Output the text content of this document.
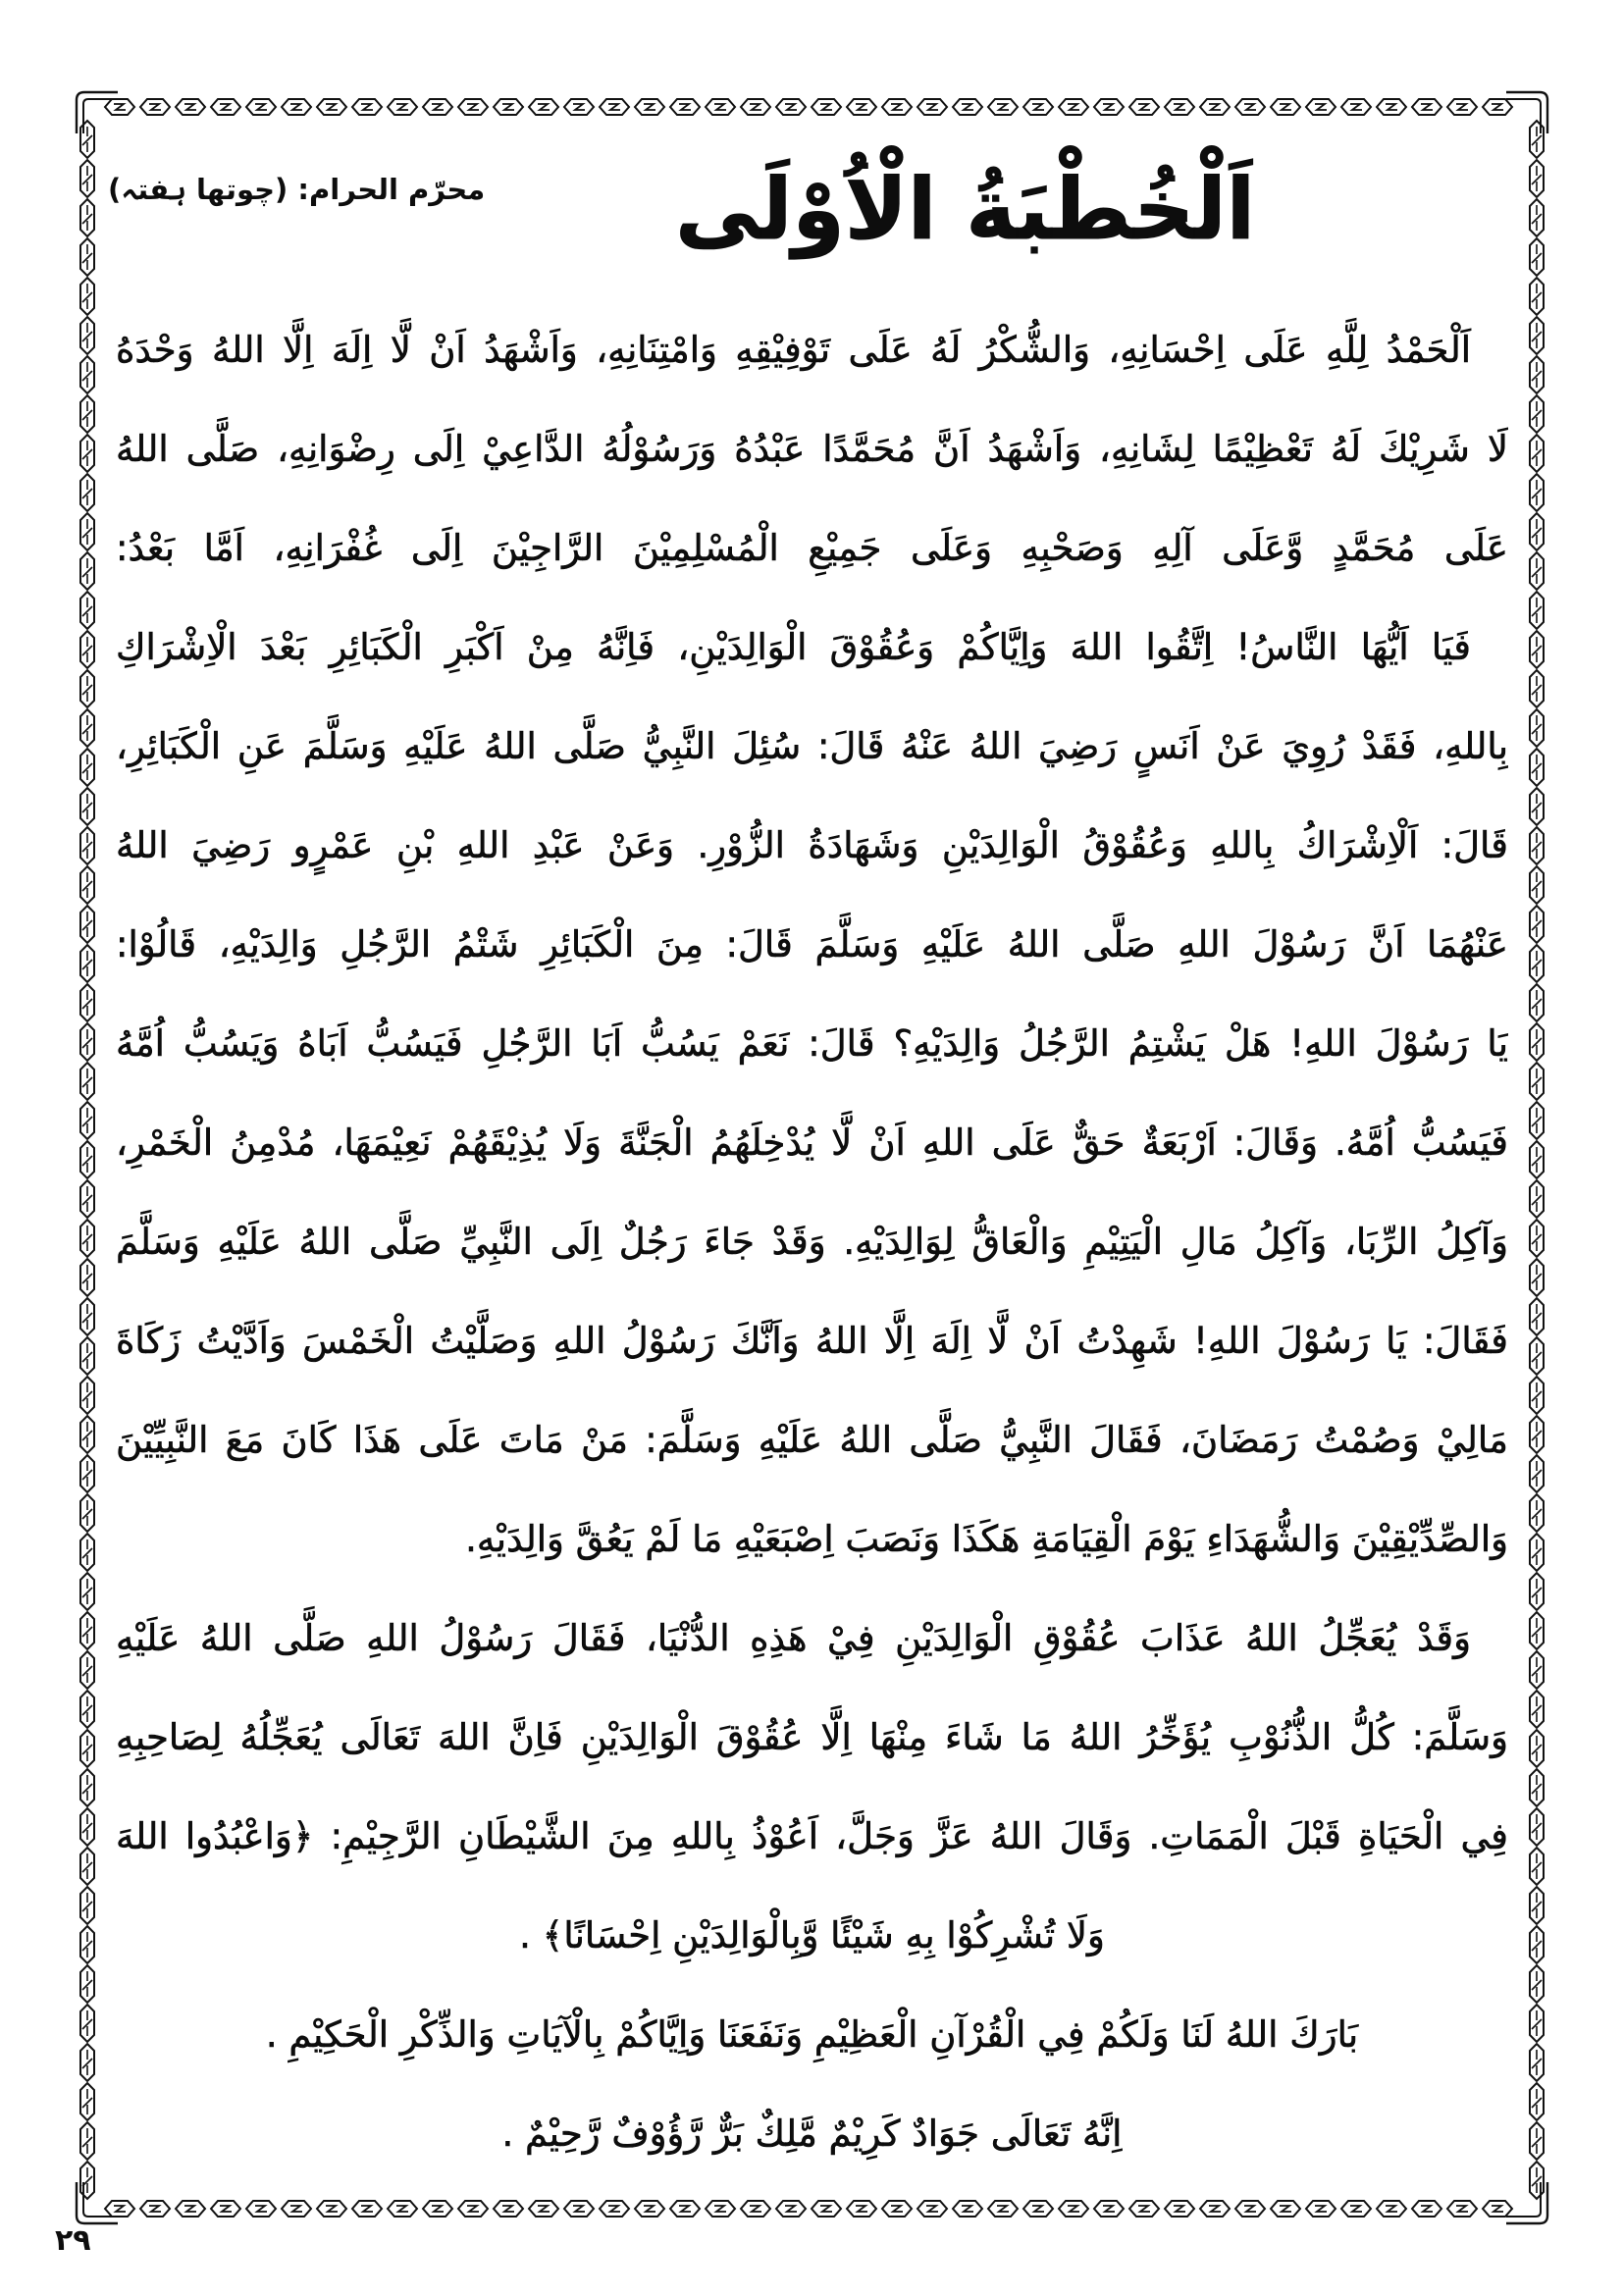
محرّم الحرام: (چوتھا ہفتہ)	اَلْخُطْبَةُ الْاُوْلَى
اَلْحَمْدُ لِلَّهِ عَلَى اِحْسَانِهِ، وَالشُّكْرُ لَهُ عَلَى تَوْفِيْقِهِ وَامْتِنَانِهِ، وَاَشْهَدُ اَنْ لَّا اِلَهَ اِلَّا اللهُ وَحْدَهُ
لَا شَرِيْكَ لَهُ تَعْظِيْمًا لِشَانِهِ، وَاَشْهَدُ اَنَّ مُحَمَّدًا عَبْدُهُ وَرَسُوْلُهُ الدَّاعِيْ اِلَى رِضْوَانِهِ، صَلَّى اللهُ
عَلَى مُحَمَّدٍ وَّعَلَى آلِهِ وَصَحْبِهِ وَعَلَى جَمِيْعِ الْمُسْلِمِيْنَ الرَّاجِيْنَ اِلَى غُفْرَانِهِ، اَمَّا بَعْدُ:
فَيَا اَيُّهَا النَّاسُ! اِتَّقُوا اللهَ وَاِيَّاكُمْ وَعُقُوْقَ الْوَالِدَيْنِ، فَاِنَّهُ مِنْ اَكْبَرِ الْكَبَائِرِ بَعْدَ الْاِشْرَاكِ
بِاللهِ، فَقَدْ رُوِيَ عَنْ اَنَسٍ رَضِيَ اللهُ عَنْهُ قَالَ: سُئِلَ النَّبِيُّ صَلَّى اللهُ عَلَيْهِ وَسَلَّمَ عَنِ الْكَبَائِرِ،
قَالَ: اَلْاِشْرَاكُ بِاللهِ وَعُقُوْقُ الْوَالِدَيْنِ وَشَهَادَةُ الزُّوْرِ. وَعَنْ عَبْدِ اللهِ بْنِ عَمْرٍو رَضِيَ اللهُ
عَنْهُمَا اَنَّ رَسُوْلَ اللهِ صَلَّى اللهُ عَلَيْهِ وَسَلَّمَ قَالَ: مِنَ الْكَبَائِرِ شَتْمُ الرَّجُلِ وَالِدَيْهِ، قَالُوْا:
يَا رَسُوْلَ اللهِ! هَلْ يَشْتِمُ الرَّجُلُ وَالِدَيْهِ؟ قَالَ: نَعَمْ يَسُبُّ اَبَا الرَّجُلِ فَيَسُبُّ اَبَاهُ وَيَسُبُّ اُمَّهُ
فَيَسُبُّ اُمَّهُ. وَقَالَ: اَرْبَعَةٌ حَقٌّ عَلَى اللهِ اَنْ لَّا يُدْخِلَهُمُ الْجَنَّةَ وَلَا يُذِيْقَهُمْ نَعِيْمَهَا، مُدْمِنُ الْخَمْرِ،
وَآكِلُ الرِّبَا، وَآكِلُ مَالِ الْيَتِيْمِ وَالْعَاقُّ لِوَالِدَيْهِ. وَقَدْ جَاءَ رَجُلٌ اِلَى النَّبِيِّ صَلَّى اللهُ عَلَيْهِ وَسَلَّمَ
فَقَالَ: يَا رَسُوْلَ اللهِ! شَهِدْتُ اَنْ لَّا اِلَهَ اِلَّا اللهُ وَاَنَّكَ رَسُوْلُ اللهِ وَصَلَّيْتُ الْخَمْسَ وَاَدَّيْتُ زَكَاةَ
مَالِيْ وَصُمْتُ رَمَضَانَ، فَقَالَ النَّبِيُّ صَلَّى اللهُ عَلَيْهِ وَسَلَّمَ: مَنْ مَاتَ عَلَى هَذَا كَانَ مَعَ النَّبِيِّيْنَ
وَالصِّدِّيْقِيْنَ وَالشُّهَدَاءِ يَوْمَ الْقِيَامَةِ هَكَذَا وَنَصَبَ اِصْبَعَيْهِ مَا لَمْ يَعُقَّ وَالِدَيْهِ.
وَقَدْ يُعَجِّلُ اللهُ عَذَابَ عُقُوْقِ الْوَالِدَيْنِ فِيْ هَذِهِ الدُّنْيَا، فَقَالَ رَسُوْلُ اللهِ صَلَّى اللهُ عَلَيْهِ
وَسَلَّمَ: كُلُّ الذُّنُوْبِ يُؤَخِّرُ اللهُ مَا شَاءَ مِنْهَا اِلَّا عُقُوْقَ الْوَالِدَيْنِ فَاِنَّ اللهَ تَعَالَى يُعَجِّلُهُ لِصَاحِبِهِ
فِي الْحَيَاةِ قَبْلَ الْمَمَاتِ. وَقَالَ اللهُ عَزَّ وَجَلَّ، اَعُوْذُ بِاللهِ مِنَ الشَّيْطَانِ الرَّجِيْمِ: ﴿وَاعْبُدُوا اللهَ
وَلَا تُشْرِكُوْا بِهِ شَيْئًا وَّبِالْوَالِدَيْنِ اِحْسَانًا﴾ .
بَارَكَ اللهُ لَنَا وَلَكُمْ فِي الْقُرْآنِ الْعَظِيْمِ وَنَفَعَنَا وَاِيَّاكُمْ بِالْآيَاتِ وَالذِّكْرِ الْحَكِيْمِ .
اِنَّهُ تَعَالَى جَوَادٌ كَرِيْمٌ مَّلِكٌ بَرٌّ رَّؤُوْفٌ رَّحِيْمٌ .
۲۹
